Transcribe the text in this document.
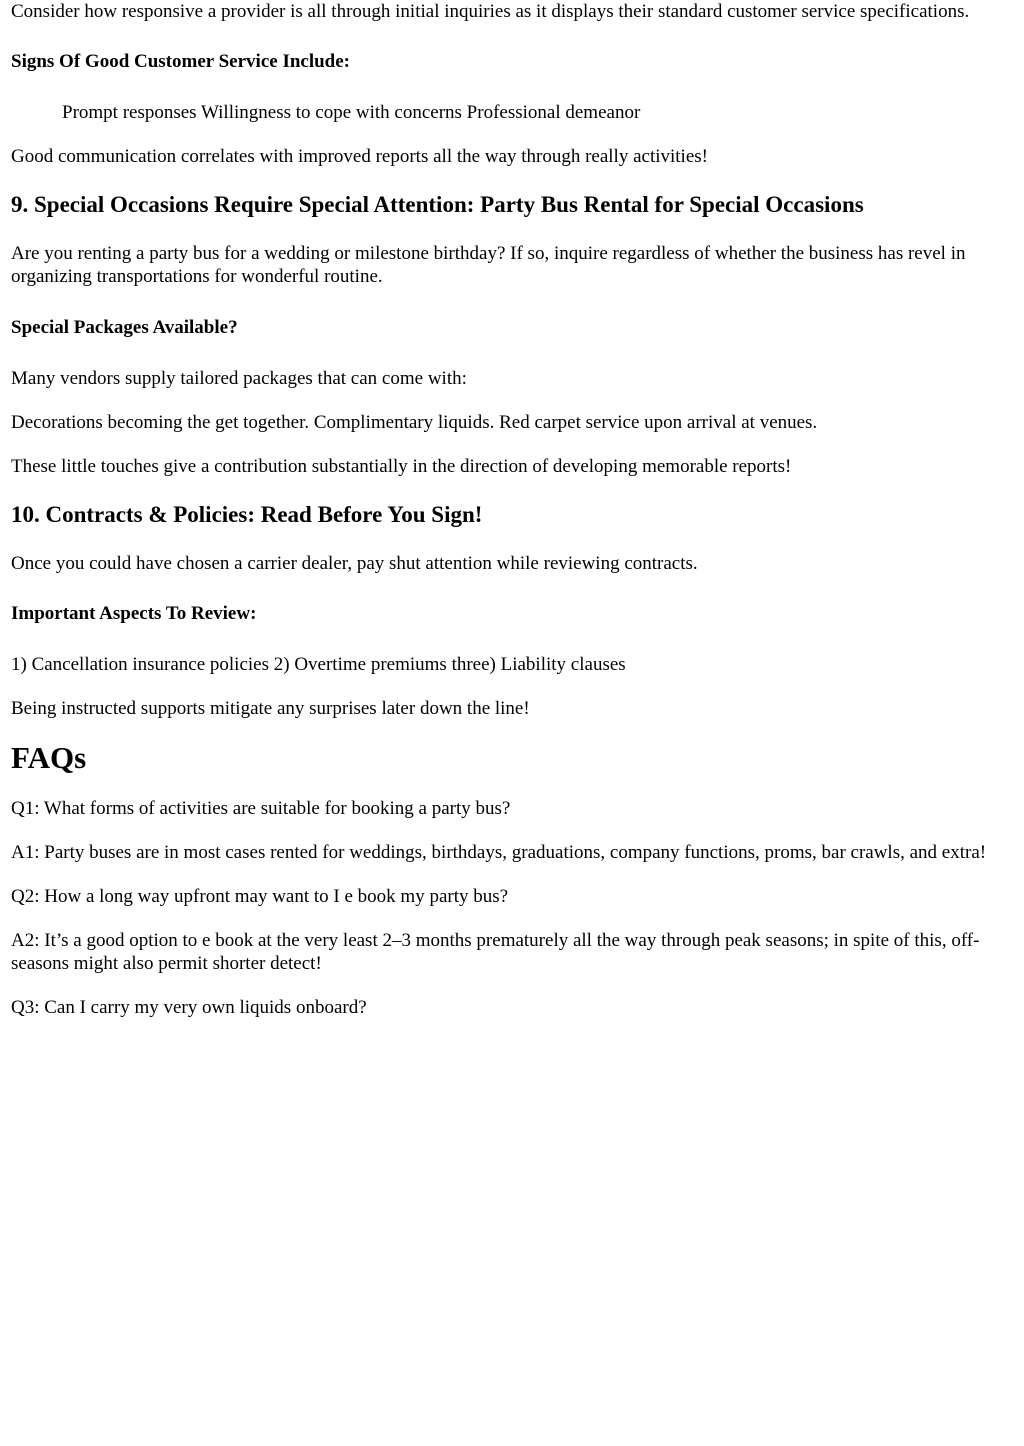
Consider how responsive a provider is all through initial inquiries as it displays their standard customer service specifications.

Signs Of Good Customer Service Include:

Prompt responses Willingness to cope with concerns Professional demeanor

Good communication correlates with improved reports all the way through really activities!

9. Special Occasions Require Special Attention: Party Bus Rental for Special Occasions

Are you renting a party bus for a wedding or milestone birthday? If so, inquire regardless of whether the business has revel in organizing transportations for wonderful routine.

Special Packages Available?

Many vendors supply tailored packages that can come with:

Decorations becoming the get together. Complimentary liquids. Red carpet service upon arrival at venues.

These little touches give a contribution substantially in the direction of developing memorable reports!

10. Contracts & Policies: Read Before You Sign!

Once you could have chosen a carrier dealer, pay shut attention while reviewing contracts.

Important Aspects To Review:

1) Cancellation insurance policies 2) Overtime premiums three) Liability clauses

Being instructed supports mitigate any surprises later down the line!

FAQs

Q1: What forms of activities are suitable for booking a party bus?

A1: Party buses are in most cases rented for weddings, birthdays, graduations, company functions, proms, bar crawls, and extra!

Q2: How a long way upfront may want to I e book my party bus?

A2: It’s a good option to e book at the very least 2–3 months prematurely all the way through peak seasons; in spite of this, off-seasons might also permit shorter detect!

Q3: Can I carry my very own liquids onboard?
